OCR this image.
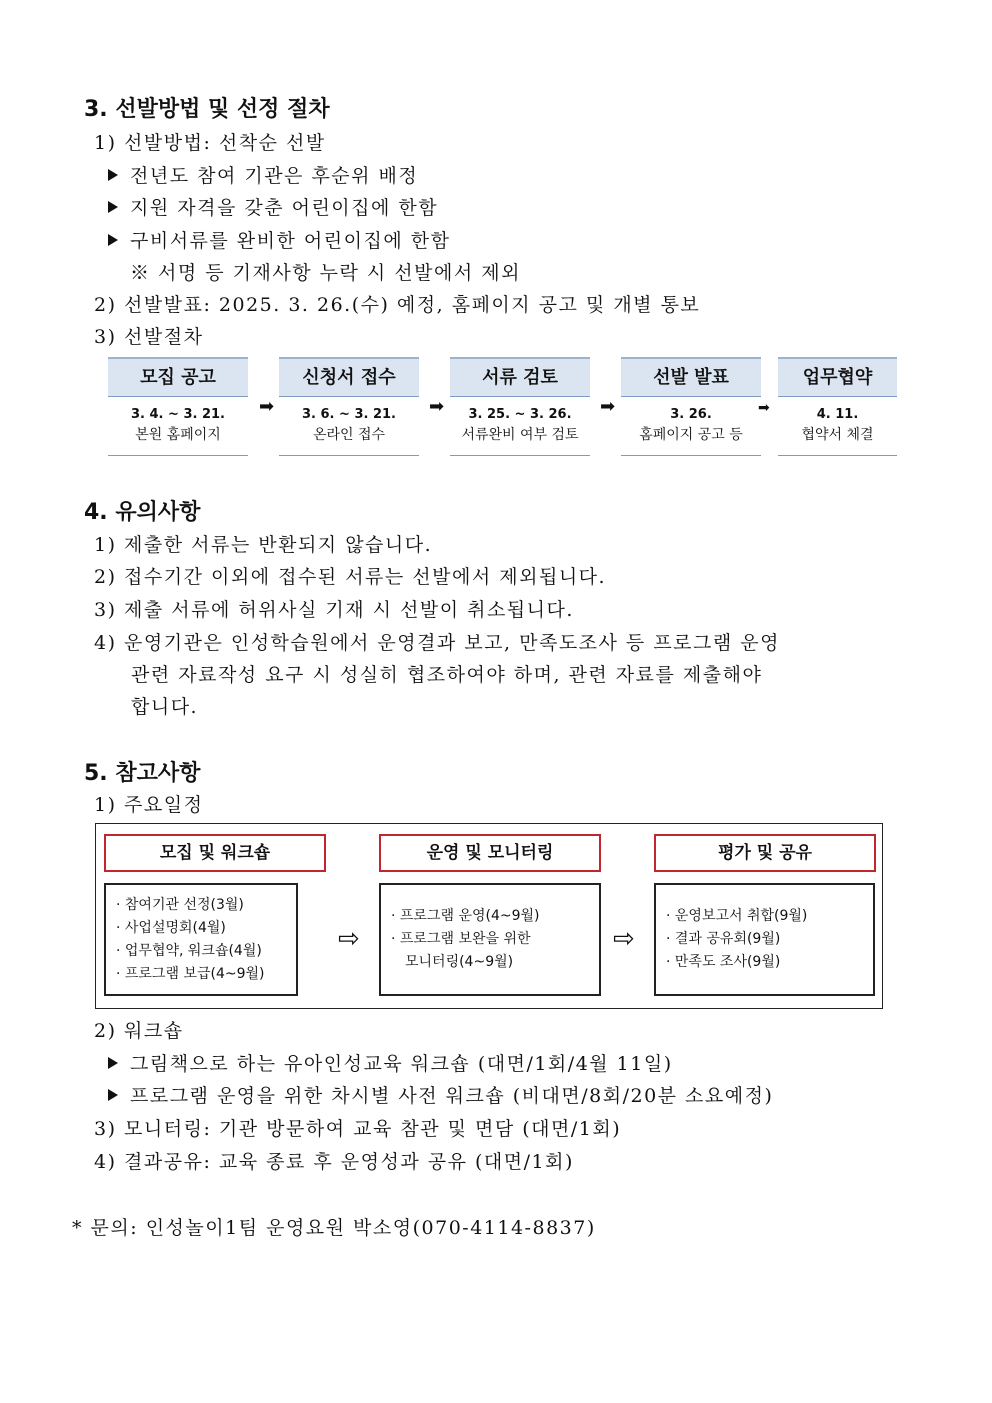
3. 선발방법 및 선정 절차
1) 선발방법: 선착순 선발
전년도 참여 기관은 후순위 배정
지원 자격을 갖춘 어린이집에 한함
구비서류를 완비한 어린이집에 한함
※ 서명 등 기재사항 누락 시 선발에서 제외
2) 선발발표: 2025. 3. 26.(수) 예정, 홈페이지 공고 및 개별 통보
3) 선발절차
모집 공고
3. 4. ~ 3. 21.
본원 홈페이지
➡
신청서 접수
3. 6. ~ 3. 21.
온라인 접수
➡
서류 검토
3. 25. ~ 3. 26.
서류완비 여부 검토
➡
선발 발표
3. 26.
홈페이지 공고 등
➡
업무협약
4. 11.
협약서 체결
4. 유의사항
1) 제출한 서류는 반환되지 않습니다.
2) 접수기간 이외에 접수된 서류는 선발에서 제외됩니다.
3) 제출 서류에 허위사실 기재 시 선발이 취소됩니다.
4) 운영기관은 인성학습원에서 운영결과 보고, 만족도조사 등 프로그램 운영
관련 자료작성 요구 시 성실히 협조하여야 하며, 관련 자료를 제출해야
합니다.
5. 참고사항
1) 주요일정
모집 및 워크숍	운영 및 모니터링	평가 및 공유
· 참여기관 선정(3월)
· 사업설명회(4월)
· 업무협약, 워크숍(4월)
· 프로그램 보급(4~9월)
⇨
· 프로그램 운영(4~9월)
· 프로그램 보완을 위한
모니터링(4~9월)
⇨
· 운영보고서 취합(9월)
· 결과 공유회(9월)
· 만족도 조사(9월)
2) 워크숍
그림책으로 하는 유아인성교육 워크숍 (대면/1회/4월 11일)
프로그램 운영을 위한 차시별 사전 워크숍 (비대면/8회/20분 소요예정)
3) 모니터링: 기관 방문하여 교육 참관 및 면담 (대면/1회)
4) 결과공유: 교육 종료 후 운영성과 공유 (대면/1회)
* 문의: 인성놀이1팀 운영요원 박소영(070-4114-8837)
